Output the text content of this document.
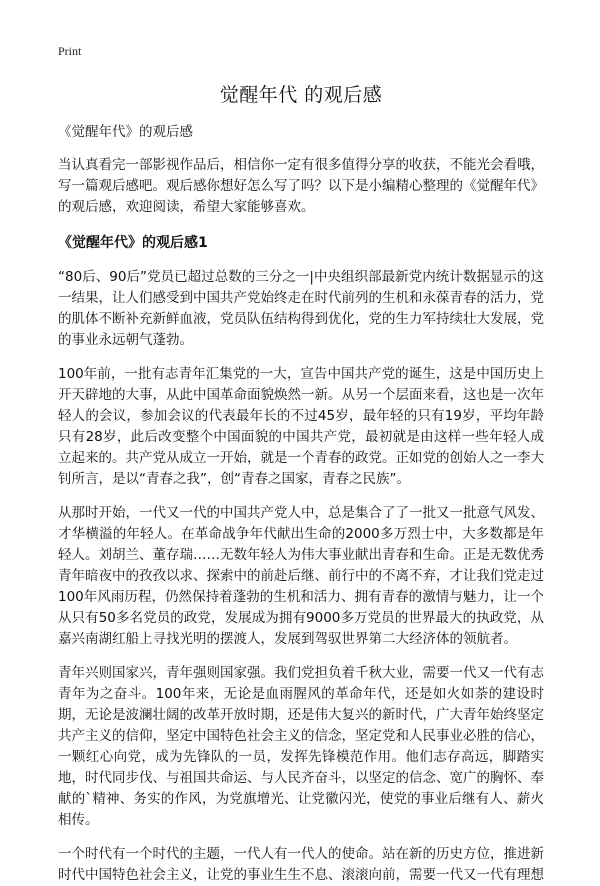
Print

觉醒年代 的观后感

《觉醒年代》的观后感

当认真看完一部影视作品后，相信你一定有很多值得分享的收获，不能光会看哦，写一篇观后感吧。观后感你想好怎么写了吗？以下是小编精心整理的《觉醒年代》的观后感，欢迎阅读，希望大家能够喜欢。

《觉醒年代》的观后感1

“80后、90后”党员已超过总数的三分之一|中央组织部最新党内统计数据显示的这一结果，让人们感受到中国共产党始终走在时代前列的生机和永葆青春的活力，党的肌体不断补充新鲜血液，党员队伍结构得到优化，党的生力军持续壮大发展，党的事业永远朝气蓬勃。

100年前，一批有志青年汇集党的一大，宣告中国共产党的诞生，这是中国历史上开天辟地的大事，从此中国革命面貌焕然一新。从另一个层面来看，这也是一次年轻人的会议，参加会议的代表最年长的不过45岁，最年轻的只有19岁，平均年龄只有28岁，此后改变整个中国面貌的中国共产党，最初就是由这样一些年轻人成立起来的。共产党从成立一开始，就是一个青春的政党。正如党的创始人之一李大钊所言，是以“青春之我”，创“青春之国家，青春之民族”。

从那时开始，一代又一代的中国共产党人中，总是集合了了一批又一批意气风发、才华横溢的年轻人。在革命战争年代献出生命的2000多万烈士中，大多数都是年轻人。刘胡兰、董存瑞……无数年轻人为伟大事业献出青春和生命。正是无数优秀青年暗夜中的孜孜以求、探索中的前赴后继、前行中的不离不弃，才让我们党走过100年风雨历程，仍然保持着蓬勃的生机和活力、拥有青春的激情与魅力，让一个从只有50多名党员的政党，发展成为拥有9000多万党员的世界最大的执政党，从嘉兴南湖红船上寻找光明的摆渡人，发展到驾驭世界第二大经济体的领航者。

青年兴则国家兴，青年强则国家强。我们党担负着千秋大业，需要一代又一代有志青年为之奋斗。100年来，无论是血雨腥风的革命年代，还是如火如荼的建设时期，无论是波澜壮阔的改革开放时期，还是伟大复兴的新时代，广大青年始终坚定共产主义的信仰，坚定中国特色社会主义的信念，坚定党和人民事业必胜的信心，一颗红心向党，成为先锋队的一员，发挥先锋模范作用。他们志存高远，脚踏实地，时代同步伐、与祖国共命运、与人民齐奋斗，以坚定的信念、宽广的胸怀、奉献的`精神、务实的作风，为党旗增光、让党徽闪光，使党的事业后继有人、薪火相传。

一个时代有一个时代的主题，一代人有一代人的使命。站在新的历史方位，推进新时代中国特色社会主义，让党的事业生生不息、滚滚向前，需要一代又一代有理想
